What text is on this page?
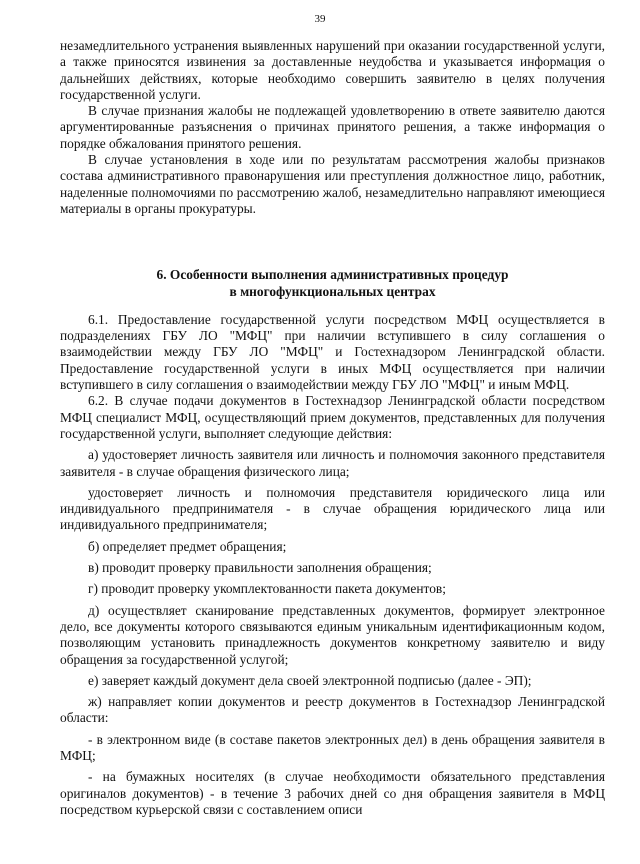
39

незамедлительного устранения выявленных нарушений при оказании государственной услуги, а также приносятся извинения за доставленные неудобства и указывается информация о дальнейших действиях, которые необходимо совершить заявителю в целях получения государственной услуги.

В случае признания жалобы не подлежащей удовлетворению в ответе заявителю даются аргументированные разъяснения о причинах принятого решения, а также информация о порядке обжалования принятого решения.

В случае установления в ходе или по результатам рассмотрения жалобы признаков состава административного правонарушения или преступления должностное лицо, работник, наделенные полномочиями по рассмотрению жалоб, незамедлительно направляют имеющиеся материалы в органы прокуратуры.

6. Особенности выполнения административных процедур
в многофункциональных центрах

6.1. Предоставление государственной услуги посредством МФЦ осуществляется в подразделениях ГБУ ЛО "МФЦ" при наличии вступившего в силу соглашения о взаимодействии между ГБУ ЛО "МФЦ" и Гостехнадзором Ленинградской области. Предоставление государственной услуги в иных МФЦ осуществляется при наличии вступившего в силу соглашения о взаимодействии между ГБУ ЛО "МФЦ" и иным МФЦ.

6.2. В случае подачи документов в Гостехнадзор Ленинградской области посредством МФЦ специалист МФЦ, осуществляющий прием документов, представленных для получения государственной услуги, выполняет следующие действия:

а) удостоверяет личность заявителя или личность и полномочия законного представителя заявителя - в случае обращения физического лица;

удостоверяет личность и полномочия представителя юридического лица или индивидуального предпринимателя - в случае обращения юридического лица или индивидуального предпринимателя;

б) определяет предмет обращения;

в) проводит проверку правильности заполнения обращения;

г) проводит проверку укомплектованности пакета документов;

д) осуществляет сканирование представленных документов, формирует электронное дело, все документы которого связываются единым уникальным идентификационным кодом, позволяющим установить принадлежность документов конкретному заявителю и виду обращения за государственной услугой;

е) заверяет каждый документ дела своей электронной подписью (далее - ЭП);

ж) направляет копии документов и реестр документов в Гостехнадзор Ленинградской области:

- в электронном виде (в составе пакетов электронных дел) в день обращения заявителя в МФЦ;

- на бумажных носителях (в случае необходимости обязательного представления оригиналов документов) - в течение 3 рабочих дней со дня обращения заявителя в МФЦ посредством курьерской связи с составлением описи
